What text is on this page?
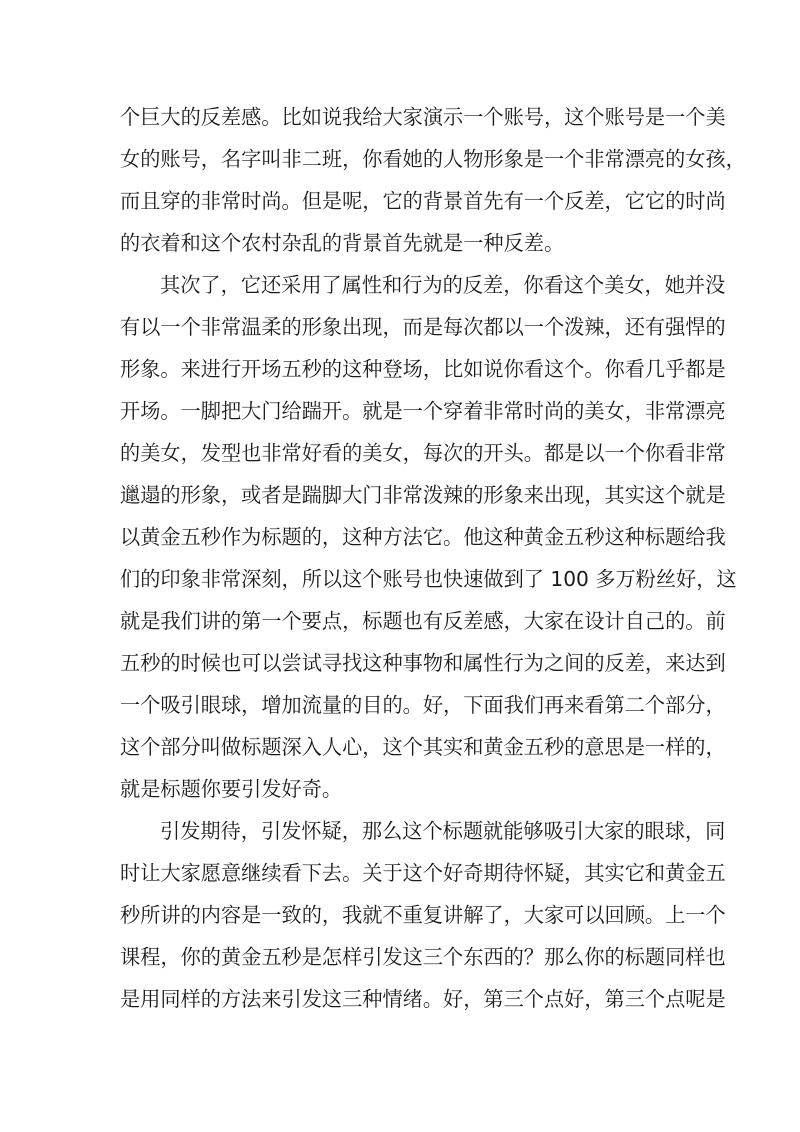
个巨大的反差感。比如说我给大家演示一个账号，这个账号是一个美
女的账号，名字叫非二班，你看她的人物形象是一个非常漂亮的女孩，
而且穿的非常时尚。但是呢，它的背景首先有一个反差，它它的时尚
的衣着和这个农村杂乱的背景首先就是一种反差。
其次了，它还采用了属性和行为的反差，你看这个美女，她并没
有以一个非常温柔的形象出现，而是每次都以一个泼辣，还有强悍的
形象。来进行开场五秒的这种登场，比如说你看这个。你看几乎都是
开场。一脚把大门给踹开。就是一个穿着非常时尚的美女，非常漂亮
的美女，发型也非常好看的美女，每次的开头。都是以一个你看非常
邋遢的形象，或者是踹脚大门非常泼辣的形象来出现，其实这个就是
以黄金五秒作为标题的，这种方法它。他这种黄金五秒这种标题给我
们的印象非常深刻，所以这个账号也快速做到了 100 多万粉丝好，这
就是我们讲的第一个要点，标题也有反差感，大家在设计自己的。前
五秒的时候也可以尝试寻找这种事物和属性行为之间的反差，来达到
一个吸引眼球，增加流量的目的。好，下面我们再来看第二个部分，
这个部分叫做标题深入人心，这个其实和黄金五秒的意思是一样的，
就是标题你要引发好奇。
引发期待，引发怀疑，那么这个标题就能够吸引大家的眼球，同
时让大家愿意继续看下去。关于这个好奇期待怀疑，其实它和黄金五
秒所讲的内容是一致的，我就不重复讲解了，大家可以回顾。上一个
课程，你的黄金五秒是怎样引发这三个东西的？那么你的标题同样也
是用同样的方法来引发这三种情绪。好，第三个点好，第三个点呢是
